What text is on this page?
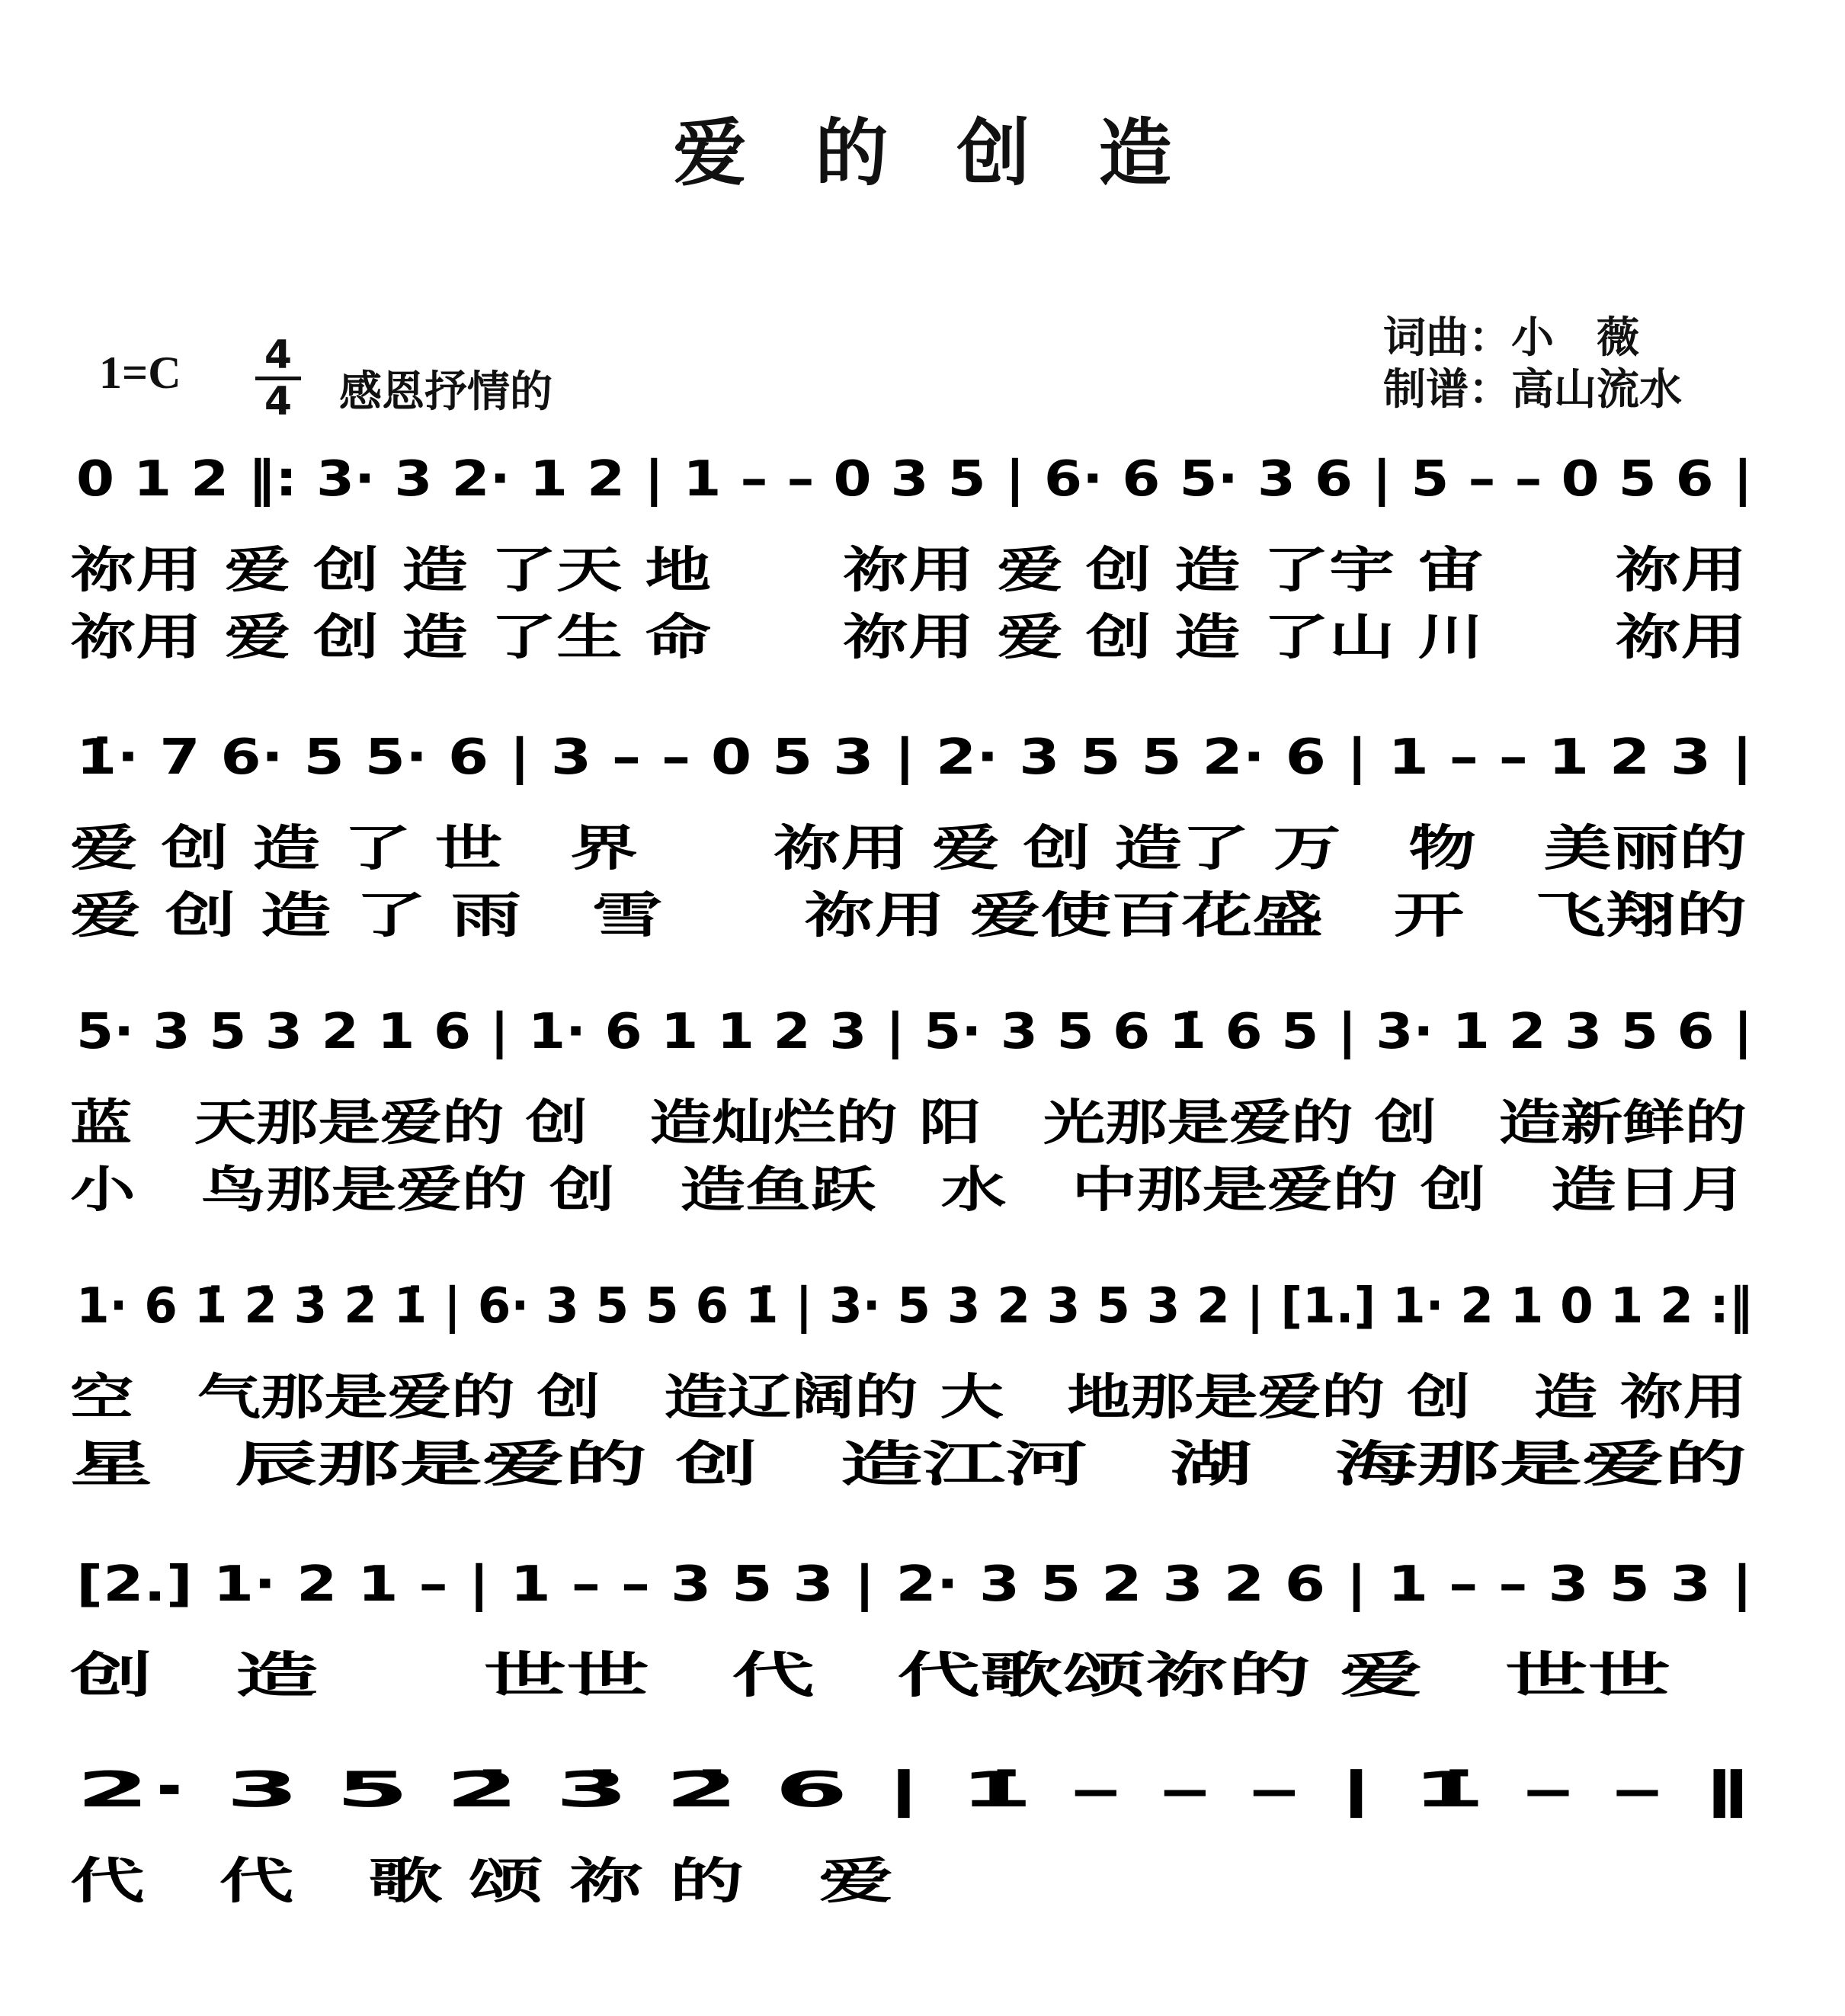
爱的创造
1=C 4
4 感恩抒情的
词曲：小　薇
制谱：高山流水
0 1 2 ‖: 3· 3 2· 1 2 | 1 – – 0 3 5 | 6· 6 5· 3 6 | 5 – – 0 5 6 |
祢用 爱 创 造 了天 地　　祢用 爱 创 造 了宇 宙　　祢用
祢用 爱 创 造 了生 命　　祢用 爱 创 造 了山 川　　祢用
1̇· 7 6· 5 5· 6 | 3 – – 0 5 3 | 2· 3 5 5 2· 6 | 1 – – 1 2 3 |
爱 创 造 了 世　界　　祢用 爱 创 造了 万　物　美丽的
爱 创 造 了 雨　雪　　祢用 爱使百花盛　开　飞翔的
5· 3 5 3 2 1 6 | 1· 6 1 1 2 3 | 5· 3 5 6 1̇ 6 5 | 3· 1 2 3 5 6 |
蓝　天那是爱的 创　造灿烂的 阳　光那是爱的 创　造新鲜的
小　鸟那是爱的 创　造鱼跃　水　中那是爱的 创　造日月
1· 6 1̇ 2̇ 3̇ 2̇ 1̇ | 6· 3 5 5 6 1̇ | 3· 5 3 2 3 5 3 2 | [1.] 1· 2 1 0 1 2 :‖
空　气那是爱的 创　造辽阔的 大　地那是爱的 创　造 祢用
星　辰那是爱的 创　造江河　湖　海那是爱的
[2.] 1· 2 1 – | 1 – – 3 5 3 | 2· 3 5 2 3 2 6 | 1 – – 3 5 3 |
创　造　　世世　代　代歌颂祢的 爱　世世
2· 3 5 2̇ 3̇ 2̇ 6 | 1̇ – – – | 1̇ – – ‖
代　代　歌 颂 祢 的　爱
